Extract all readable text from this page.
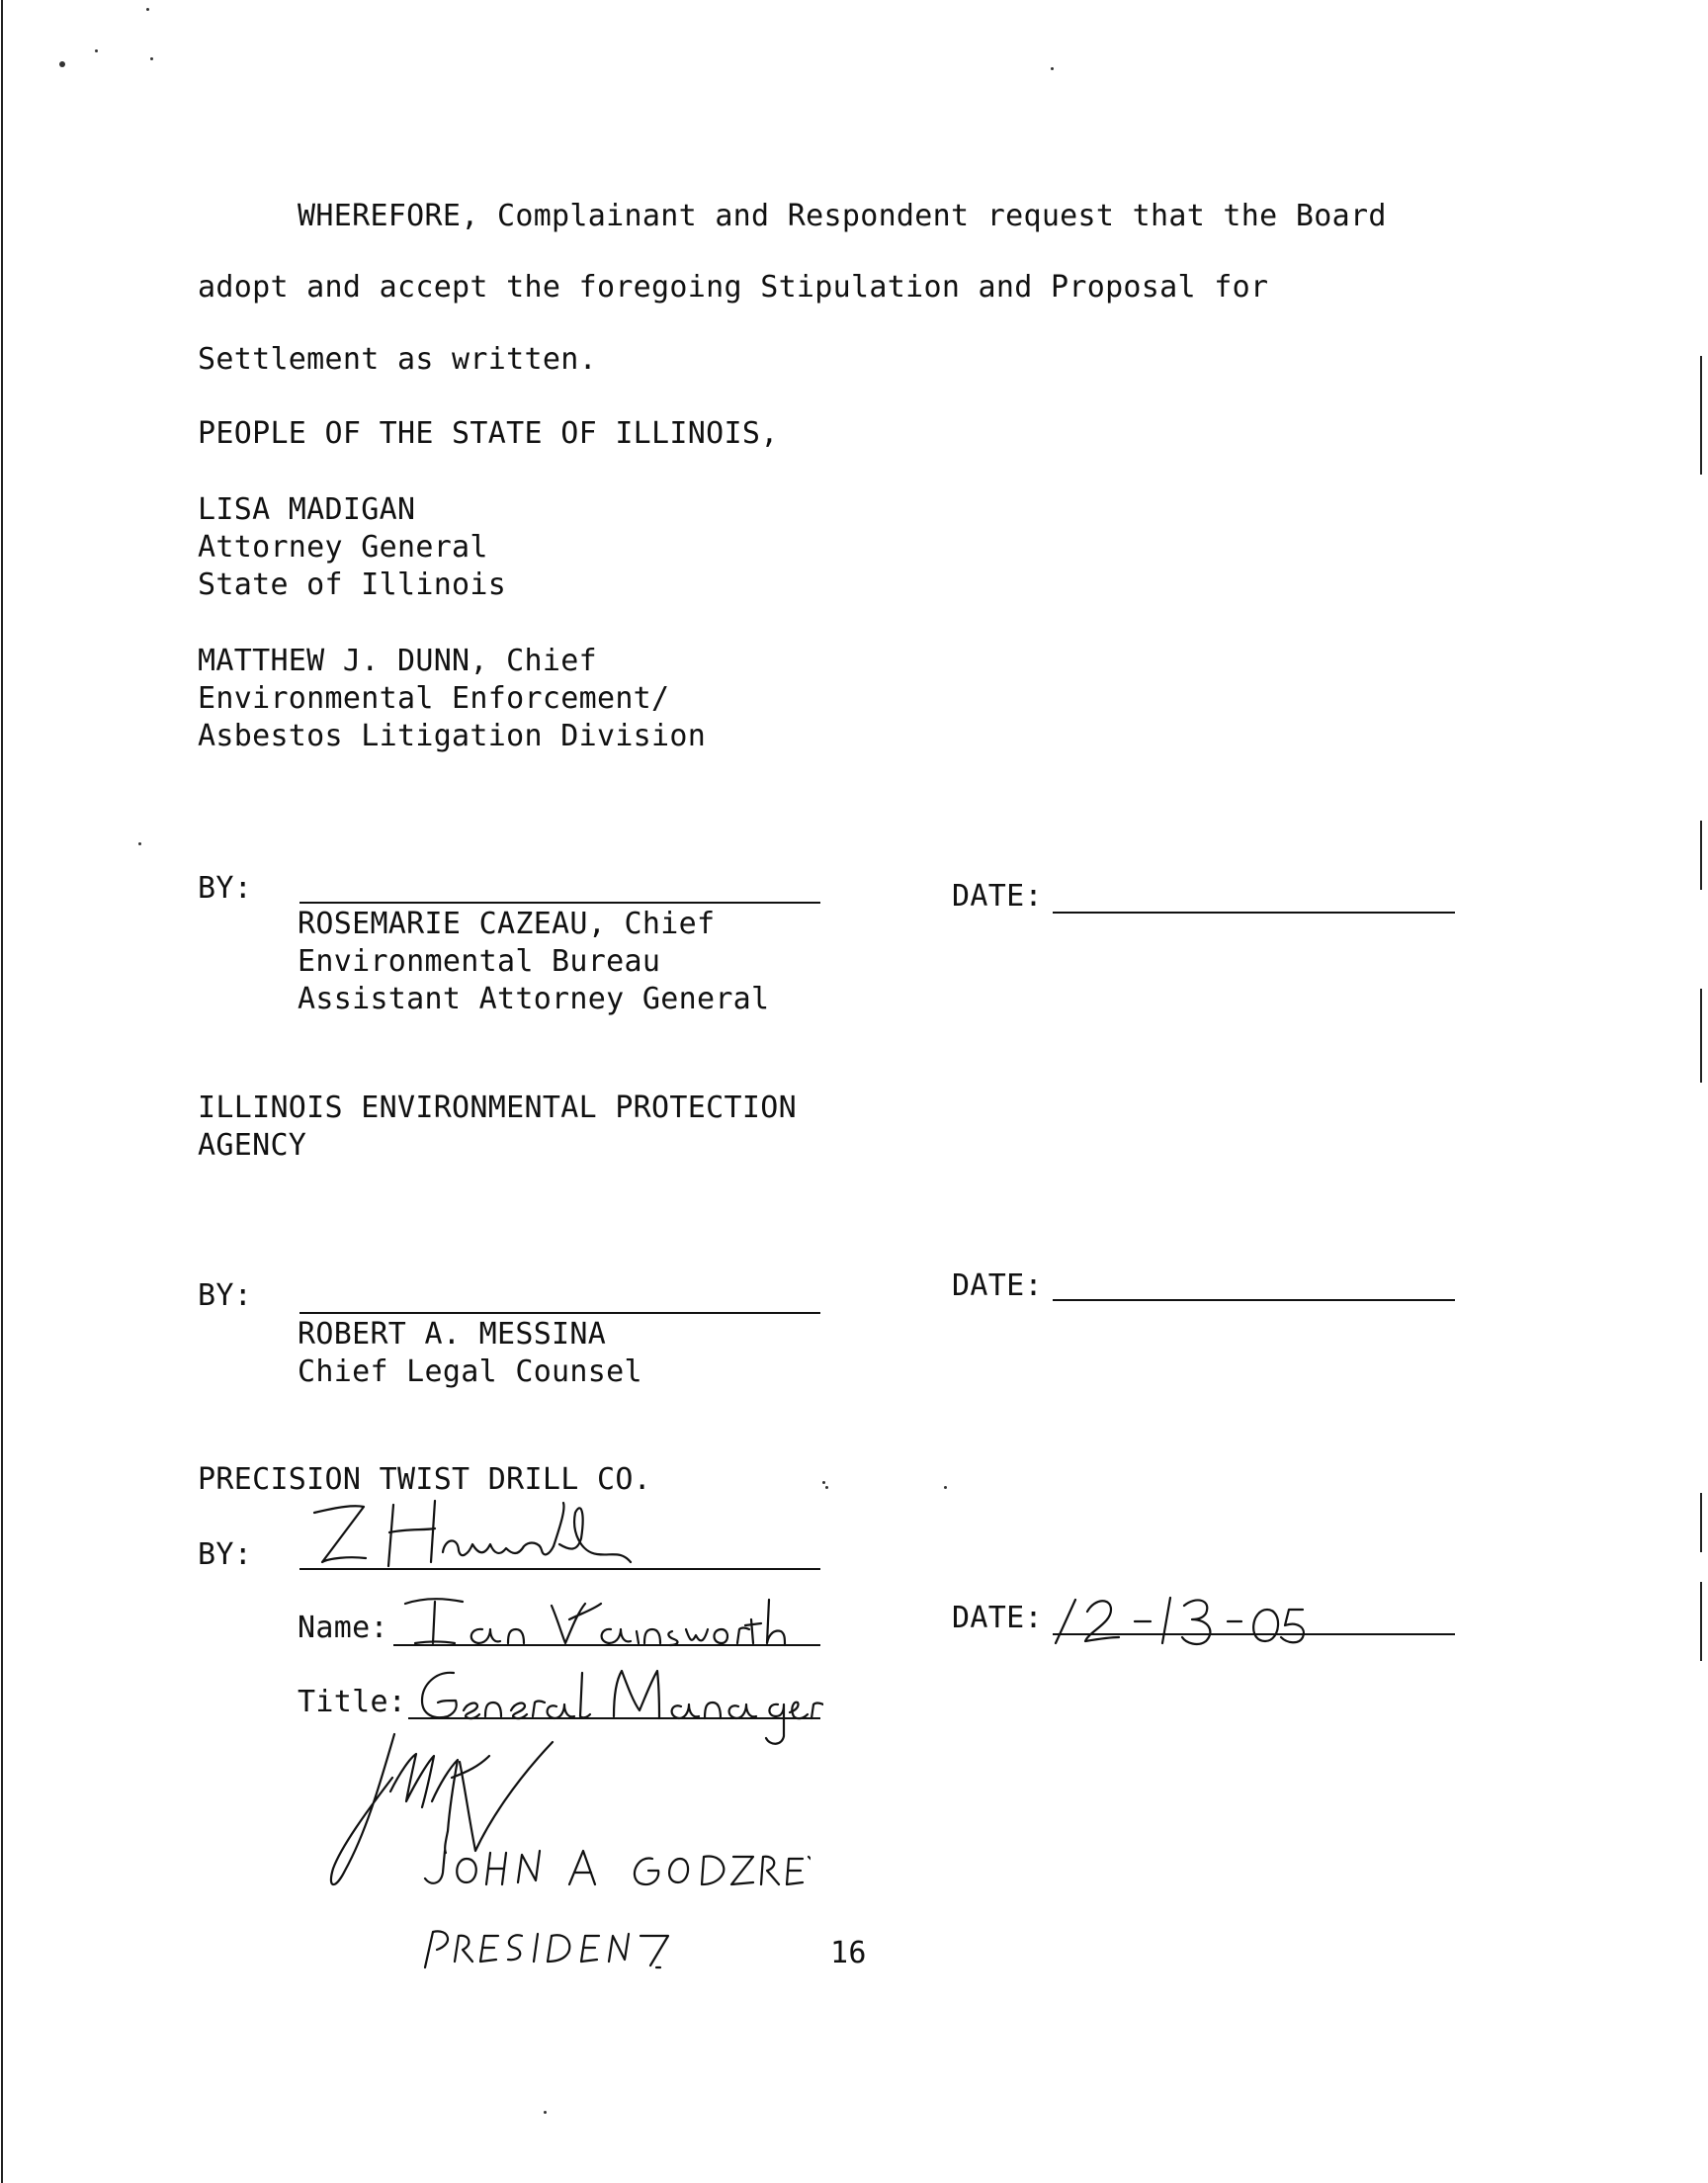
WHEREFORE, Complainant and Respondent request that the Board
adopt and accept the foregoing Stipulation and Proposal for
Settlement as written.
PEOPLE OF THE STATE OF ILLINOIS,
LISA MADIGAN
Attorney General
State of Illinois
MATTHEW J. DUNN, Chief
Environmental Enforcement/
Asbestos Litigation Division
BY:	DATE:
ROSEMARIE CAZEAU, Chief
Environmental Bureau
Assistant Attorney General
ILLINOIS ENVIRONMENTAL PROTECTION
AGENCY
BY:	DATE:
ROBERT A. MESSINA
Chief Legal Counsel
PRECISION TWIST DRILL CO.
BY:
Name:	DATE:
Title:
16
